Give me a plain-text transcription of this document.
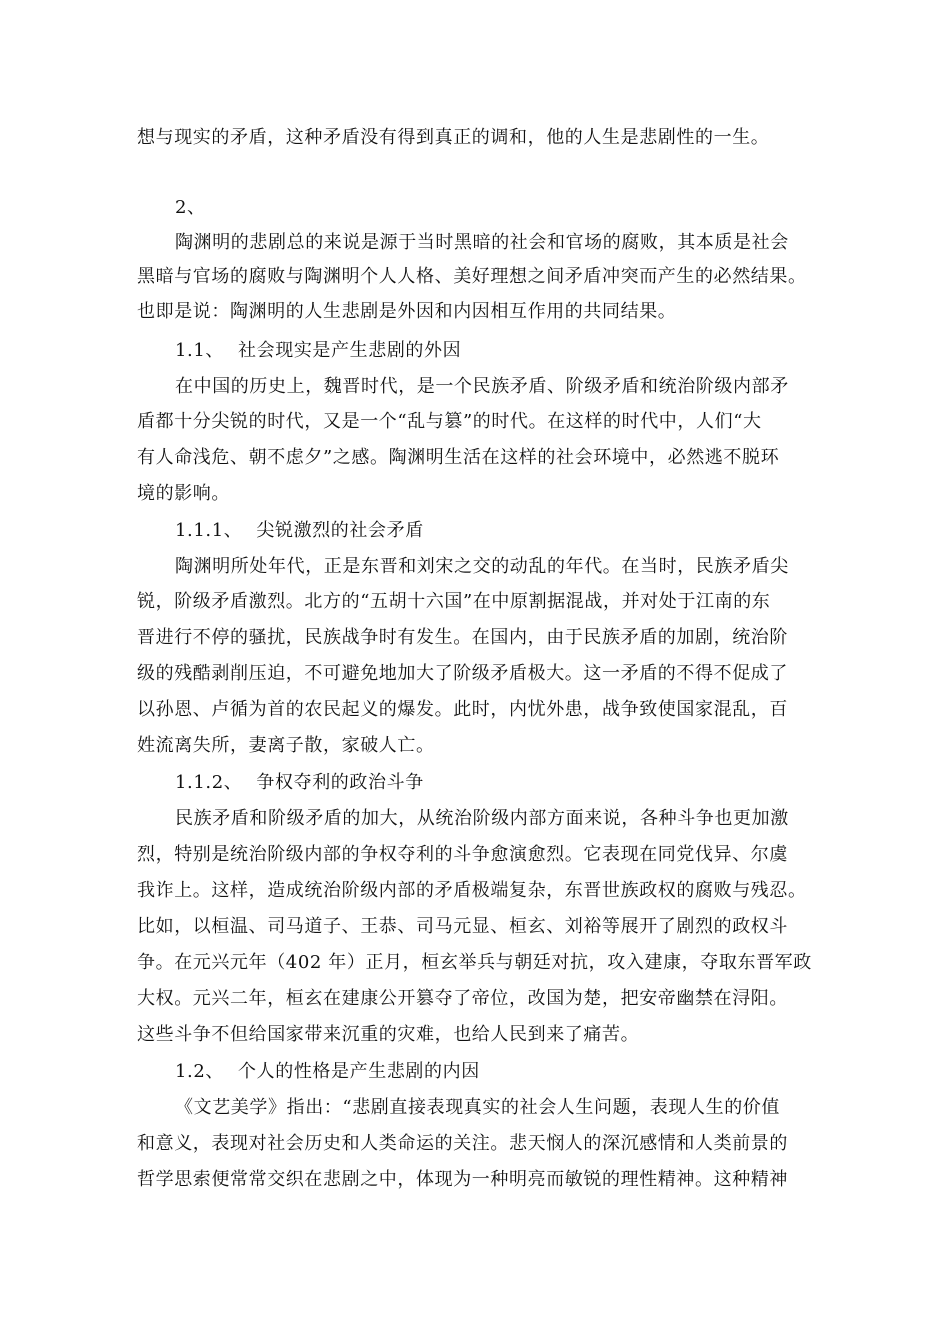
想与现实的矛盾，这种矛盾没有得到真正的调和，他的人生是悲剧性的一生。
2、
陶渊明的悲剧总的来说是源于当时黑暗的社会和官场的腐败，其本质是社会
黑暗与官场的腐败与陶渊明个人人格、美好理想之间矛盾冲突而产生的必然结果。
也即是说：陶渊明的人生悲剧是外因和内因相互作用的共同结果。
1.1、 社会现实是产生悲剧的外因
在中国的历史上，魏晋时代，是一个民族矛盾、阶级矛盾和统治阶级内部矛
盾都十分尖锐的时代，又是一个“乱与篡”的时代。在这样的时代中，人们“大
有人命浅危、朝不虑夕”之感。陶渊明生活在这样的社会环境中，必然逃不脱环
境的影响。
1.1.1、 尖锐激烈的社会矛盾
陶渊明所处年代，正是东晋和刘宋之交的动乱的年代。在当时，民族矛盾尖
锐，阶级矛盾激烈。北方的“五胡十六国”在中原割据混战，并对处于江南的东
晋进行不停的骚扰，民族战争时有发生。在国内，由于民族矛盾的加剧，统治阶
级的残酷剥削压迫，不可避免地加大了阶级矛盾极大。这一矛盾的不得不促成了
以孙恩、卢循为首的农民起义的爆发。此时，内忧外患，战争致使国家混乱，百
姓流离失所，妻离子散，家破人亡。
1.1.2、 争权夺利的政治斗争
民族矛盾和阶级矛盾的加大，从统治阶级内部方面来说，各种斗争也更加激
烈，特别是统治阶级内部的争权夺利的斗争愈演愈烈。它表现在同党伐异、尔虞
我诈上。这样，造成统治阶级内部的矛盾极端复杂，东晋世族政权的腐败与残忍。
比如，以桓温、司马道子、王恭、司马元显、桓玄、刘裕等展开了剧烈的政权斗
争。在元兴元年（402 年）正月，桓玄举兵与朝廷对抗，攻入建康，夺取东晋军政
大权。元兴二年，桓玄在建康公开篡夺了帝位，改国为楚，把安帝幽禁在浔阳。
这些斗争不但给国家带来沉重的灾难，也给人民到来了痛苦。
1.2、 个人的性格是产生悲剧的内因
《文艺美学》指出：“悲剧直接表现真实的社会人生问题，表现人生的价值
和意义，表现对社会历史和人类命运的关注。悲天悯人的深沉感情和人类前景的
哲学思索便常常交织在悲剧之中，体现为一种明亮而敏锐的理性精神。这种精神
